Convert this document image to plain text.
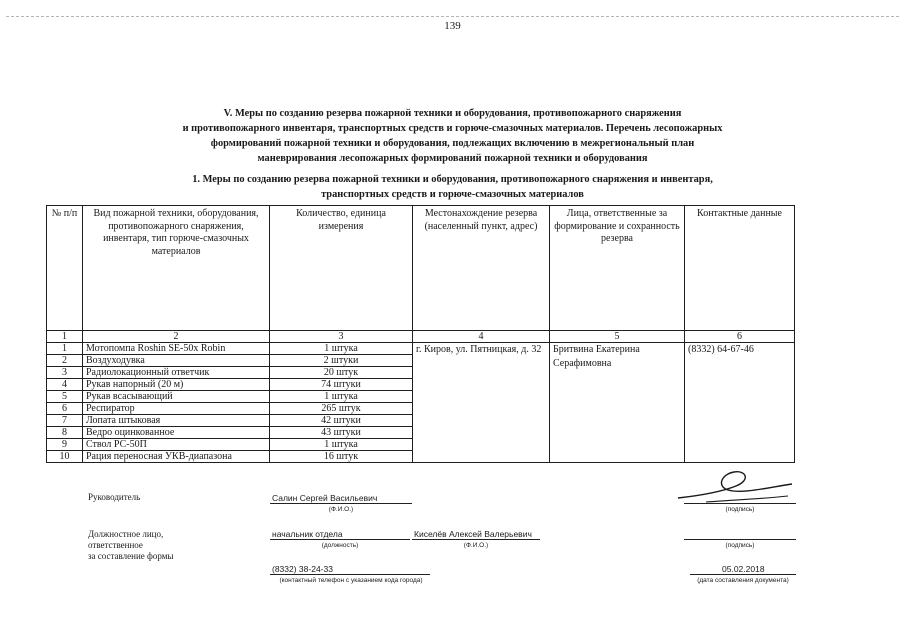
139
V. Меры по созданию резерва пожарной техники и оборудования, противопожарного снаряжения
и противопожарного инвентаря, транспортных средств и горюче-смазочных материалов. Перечень лесопожарных
формирований пожарной техники и оборудования, подлежащих включению в межрегиональный план
маневрирования лесопожарных формирований пожарной техники и оборудования
1. Меры по созданию резерва пожарной техники и оборудования, противопожарного снаряжения и инвентаря,
транспортных средств и горюче-смазочных материалов
№ п/п	Вид пожарной техники, оборудования, противопожарного снаряжения, инвентаря, тип горюче-смазочных материалов	Количество, единица измерения	Местонахождение резерва (населенный пункт, адрес)	Лица, ответственные за формирование и сохранность резерва	Контактные данные
1	2	3	4	5	6
1	Мотопомпа Roshin SE-50x Robin	1 штука	г. Киров, ул. Пятницкая, д. 32	Бритвина Екатерина Серафимовна	(8332) 64-67-46
2	Воздуходувка	2 штуки			
3	Радиолокационный ответчик	20 штук			
4	Рукав напорный (20 м)	74 штуки			
5	Рукав всасывающий	1 штука			
6	Респиратор	265 штук			
7	Лопата штыковая	42 штуки			
8	Ведро оцинкованное	43 штуки			
9	Ствол РС-50П	1 штука			
10	Рация переносная УКВ-диапазона	16 штук			
Руководитель	Салин Сергей Васильевич
(Ф.И.О.)	(подпись)
Должностное лицо,
ответственное
за составление формы
начальник отдела
(должность)
Киселёв Алексей Валерьевич
(Ф.И.О.)	(подпись)
(8332) 38-24-33
(контактный телефон с указанием кода города)
05.02.2018
(дата составления документа)
